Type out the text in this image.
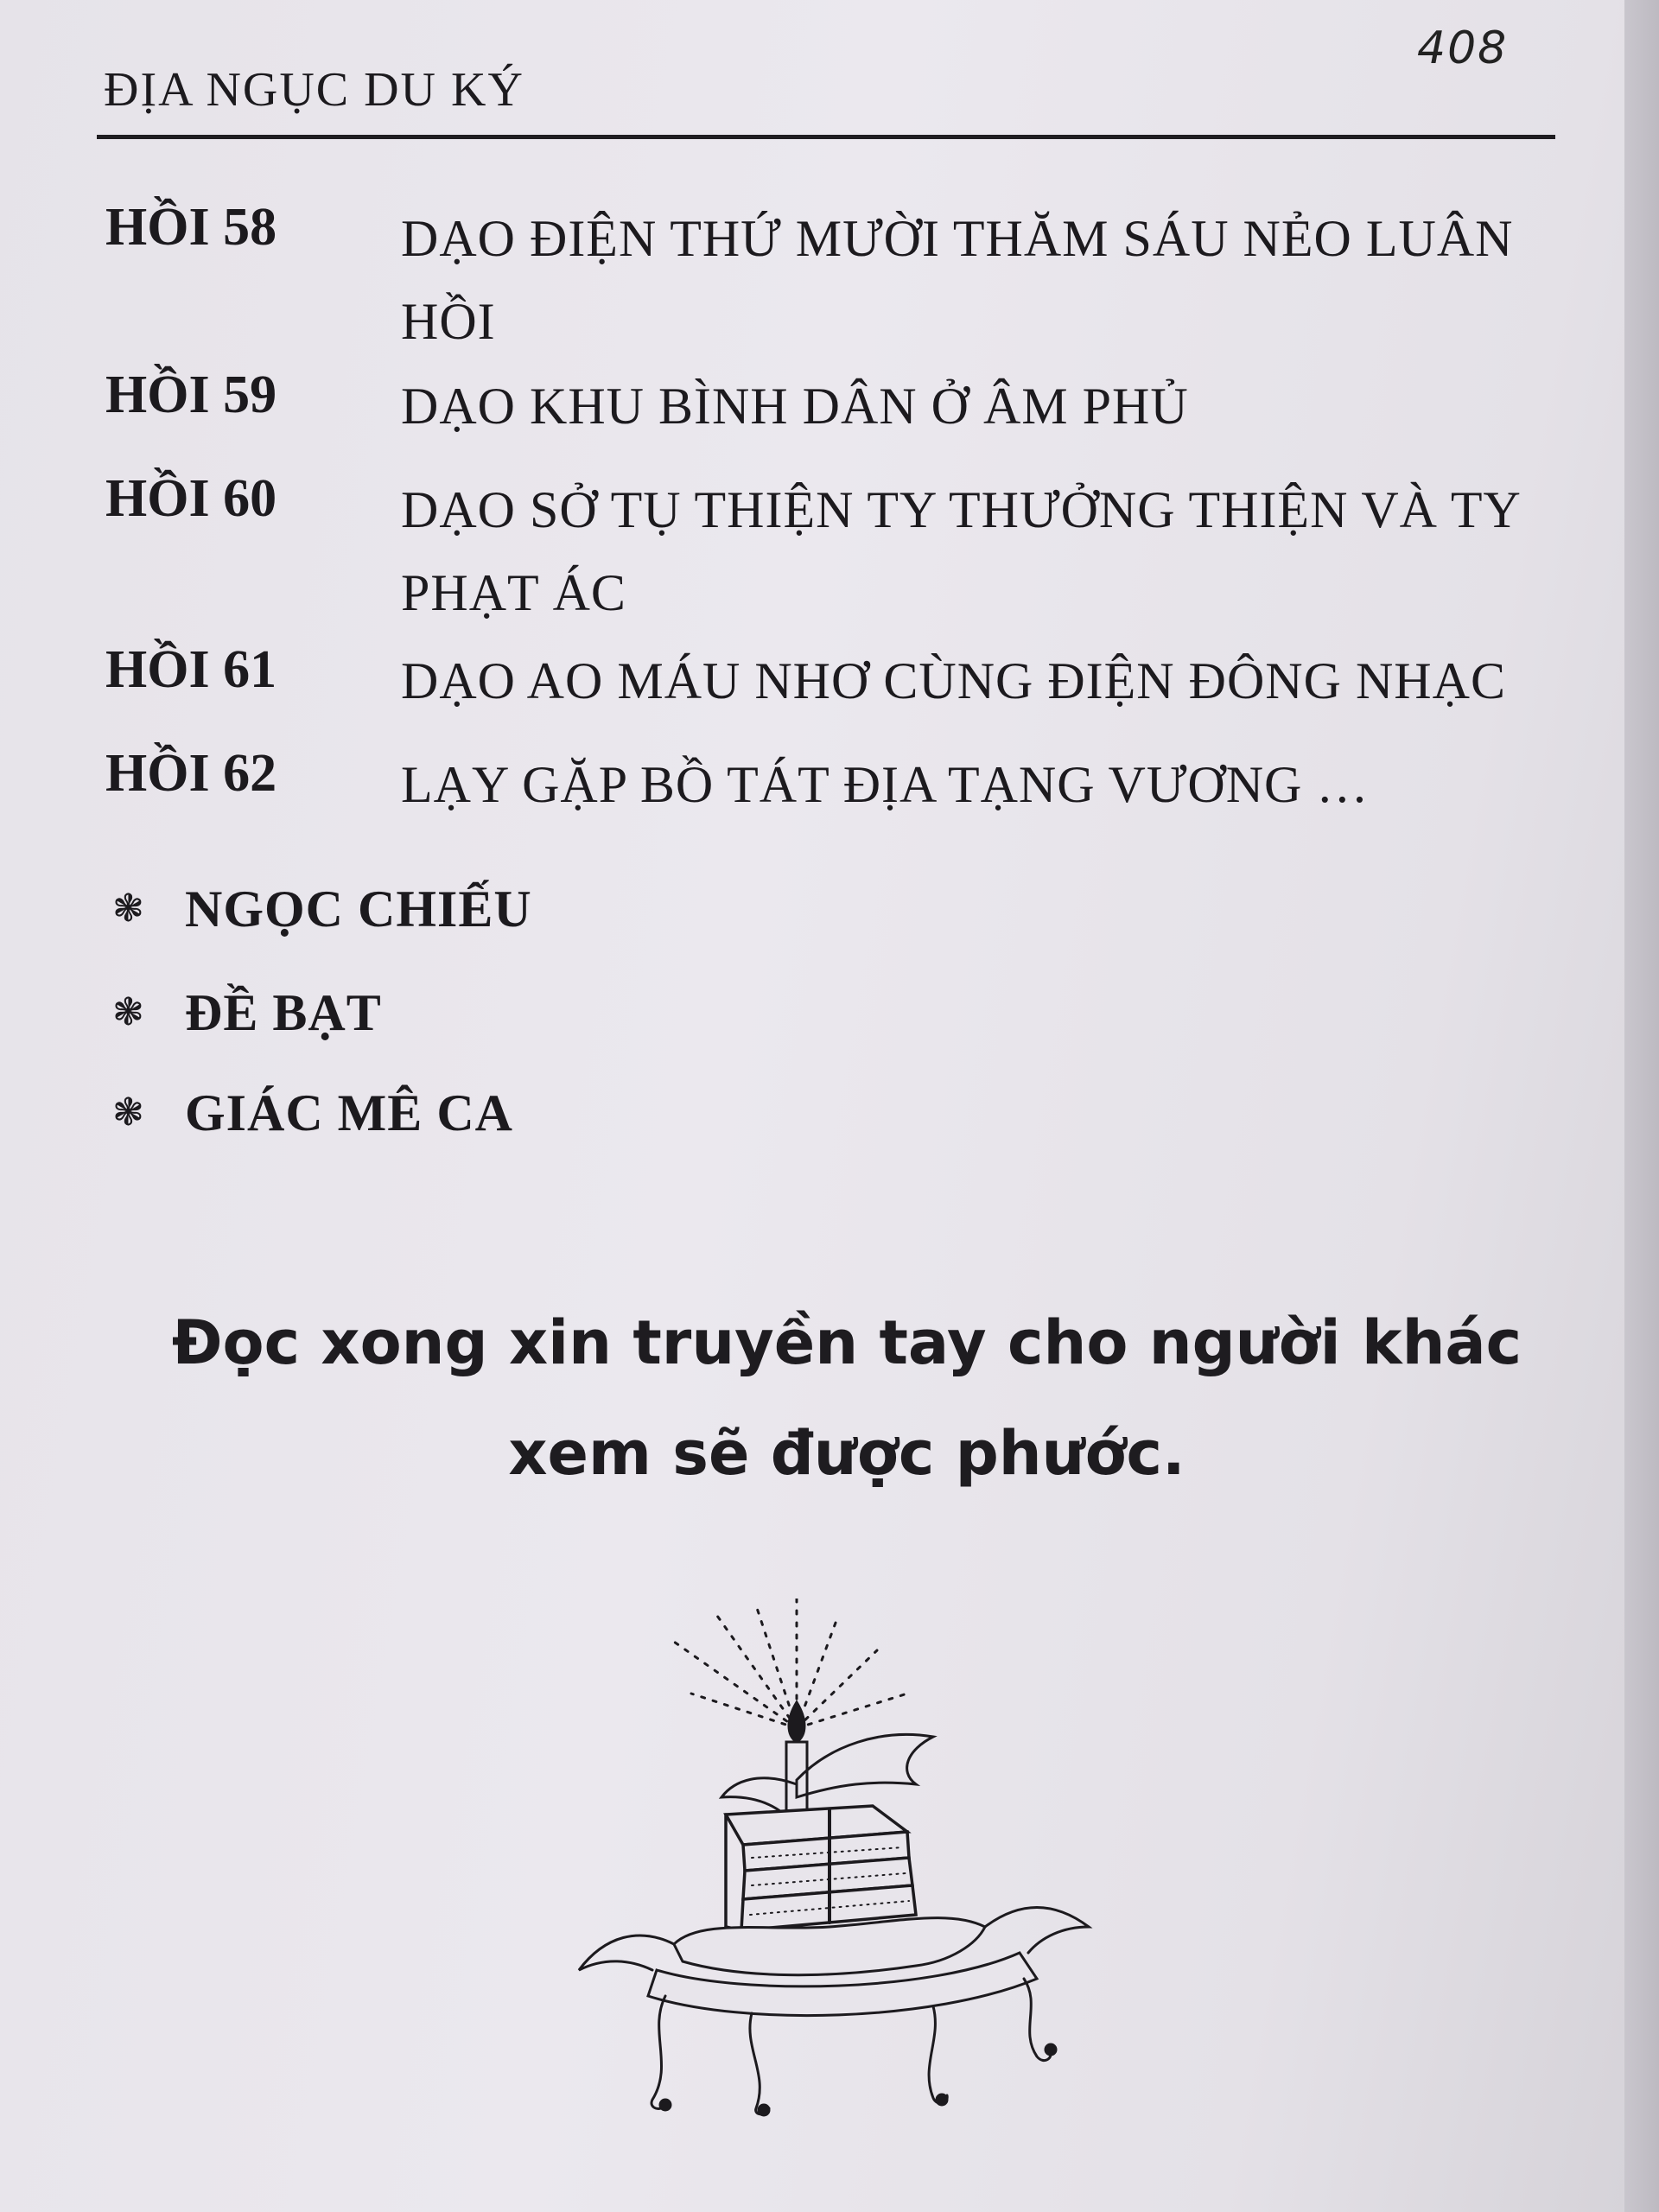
408
ĐỊA NGỤC DU KÝ
HỒI 58 DẠO ĐIỆN THỨ MƯỜI THĂM SÁU NẺO LUÂN HỒI
HỒI 59 DẠO KHU BÌNH DÂN Ở ÂM PHỦ
HỒI 60 DẠO SỞ TỤ THIỆN TY THƯỞNG THIỆN VÀ TY PHẠT ÁC
HỒI 61 DẠO AO MÁU NHƠ CÙNG ĐIỆN ĐÔNG NHẠC
HỒI 62 LẠY GẶP BỒ TÁT ĐỊA TẠNG VƯƠNG …
❃ NGỌC CHIẾU
❃ ĐỀ BẠT
❃ GIÁC MÊ CA
Đọc xong xin truyền tay cho người khác
xem sẽ được phước.
